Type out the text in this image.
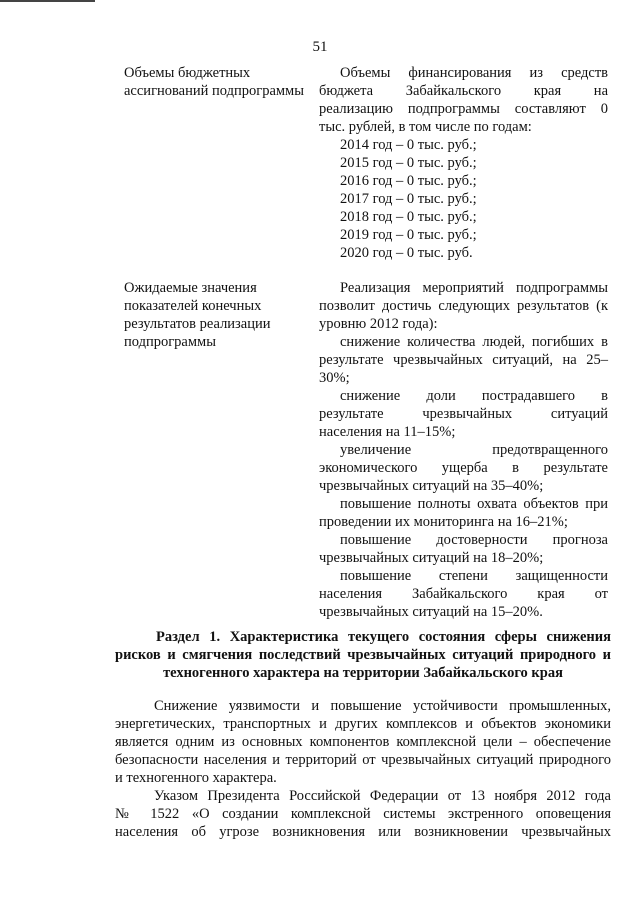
51
Объемы бюджетных
ассигнований подпрограммы
Объемы финансирования из средств
бюджета Забайкальского края на
реализацию подпрограммы составляют 0
тыс. рублей, в том числе по годам:
2014 год – 0 тыс. руб.;
2015 год – 0 тыс. руб.;
2016 год – 0 тыс. руб.;
2017 год – 0 тыс. руб.;
2018 год – 0 тыс. руб.;
2019 год – 0 тыс. руб.;
2020 год – 0 тыс. руб.
Ожидаемые значения
показателей конечных
результатов реализации
подпрограммы
Реализация мероприятий подпрограммы
позволит достичь следующих результатов (к
уровню 2012 года):
снижение количества людей, погибших в
результате чрезвычайных ситуаций, на 25–
30%;
снижение доли пострадавшего в
результате чрезвычайных ситуаций
населения на 11–15%;
увеличение предотвращенного
экономического ущерба в результате
чрезвычайных ситуаций на 35–40%;
повышение полноты охвата объектов при
проведении их мониторинга на 16–21%;
повышение достоверности прогноза
чрезвычайных ситуаций на 18–20%;
повышение степени защищенности
населения Забайкальского края от
чрезвычайных ситуаций на 15–20%.
Раздел 1. Характеристика текущего состояния сферы снижения
рисков и смягчения последствий чрезвычайных ситуаций природного и
техногенного характера на территории Забайкальского края
Снижение уязвимости и повышение устойчивости промышленных,
энергетических, транспортных и других комплексов и объектов экономики
является одним из основных компонентов комплексной цели – обеспечение
безопасности населения и территорий от чрезвычайных ситуаций природного
и техногенного характера.
Указом Президента Российской Федерации от 13 ноября 2012 года
№ 1522 «О создании комплексной системы экстренного оповещения
населения об угрозе возникновения или возникновении чрезвычайных
